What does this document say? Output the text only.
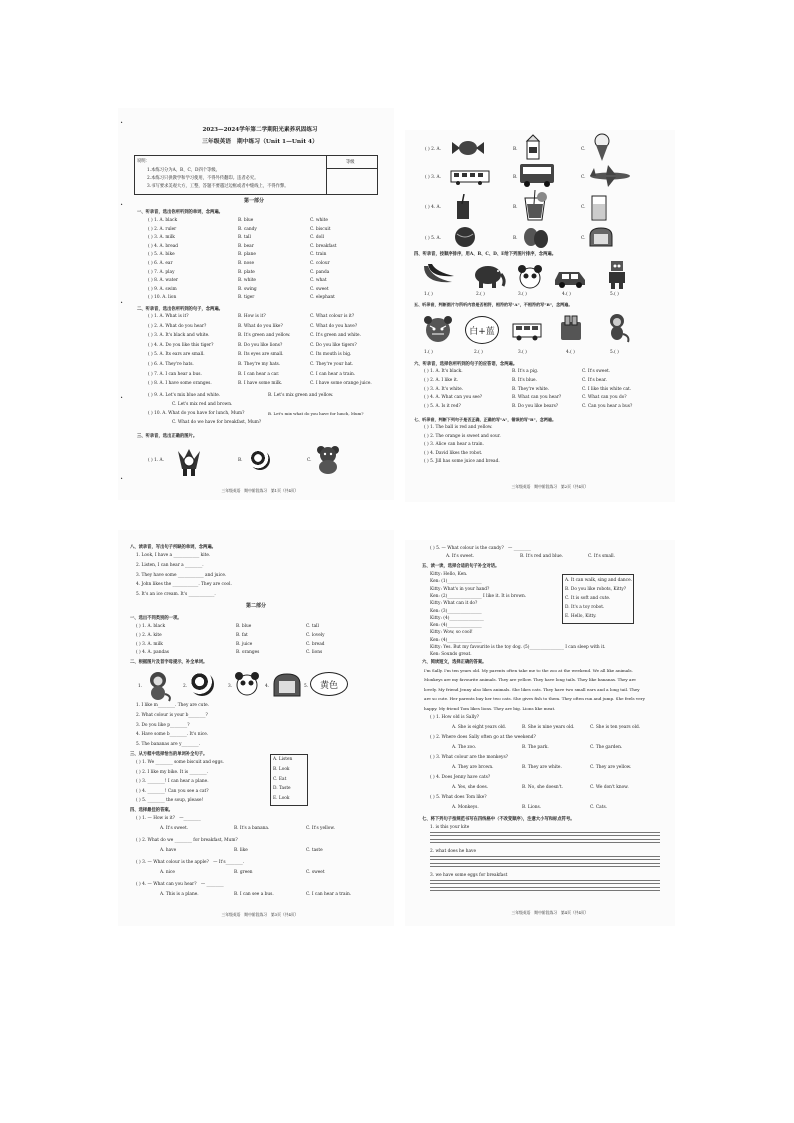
2023—2024学年第二学期阳光素养巩固练习
三年级英语　期中练习（Unit 1—Unit 4）
等级
说明：
1.本练习分为A、B、C、D四个等级。
2.本练习只供教学和学习使用，不得外传翻印。违者必究。
3.书写要求美观大方，工整，答题不要越过边框或者中缝线上，不得作弊。
第一部分
一、听录音，选出你所听到的单词，念两遍。
( ) 1. A. black	B. blue	C. white
( ) 2. A. ruler	B. candy	C. biscuit
( ) 3. A. milk	B. tall	C. doll
( ) 4. A. bread	B. bear	C. breakfast
( ) 5. A. bike	B. plane	C. train
( ) 6. A. ear	B. nose	C. colour
( ) 7. A. play	B. plate	C. panda
( ) 8. A. water	B. white	C. what
( ) 9. A. swim	B. swing	C. sweet
( ) 10. A. lion	B. tiger	C. elephant
二、听录音，选出你所听到的句子，念两遍。
( ) 1. A. What is it?	B. How is it?	C. What colour is it?
( ) 2. A. What do you hear?	B. What do you like?	C. What do you have?
( ) 3. A. It's black and white.	B. It's green and yellow.	C. It's green and white.
( ) 4. A. Do you like this tiger?	B. Do you like lions?	C. Do you like tigers?
( ) 5. A. Its ears are small.	B. Its eyes are small.	C. Its mouth is big.
( ) 6. A. They're hats.	B. They're my hats.	C. They're your hat.
( ) 7. A. I can hear a bus.	B. I can hear a car.	C. I can hear a train.
( ) 8. A. I have some oranges.	B. I have some milk.	C. I have some orange juice.
( ) 9. A. Let's mix blue and white.	B. Let's mix green and yellow.
C. Let's mix red and brown.
( ) 10. A. What do you have for lunch, Mum?	B. Let's mix what do you have for lunch, Mum?
C. What do we have for breakfast, Mum?
三、听录音，选出正确的图片。
( ) 1. A.	B.	C.
三年级英语　期中阶段练习　第1页（共4页）
( ) 2. A.	B.	C.
( ) 3. A.	B.	C.
( ) 4. A.	B.	C.
( ) 5. A.	B.	C.
四、听录音，按顺序排序，用A、B、C、D、E给下列图片排序，念两遍。
1.( )	2.( )	3.( )	4.( )	5.( )
五、听录音，判断图片与所听内容是否相符，相符的写"A"，不相符的写"B"，念两遍。
白+蓝
1.( )	2.( )	3.( )	4.( )	5.( )
六、听录音，选择你所听到的句子的应答语，念两遍。
( ) 1. A. It's black.	B. It's a pig.	C. It's sweet.
( ) 2. A. I like it.	B. It's blue.	C. It's bear.
( ) 3. A. It's white.	B. They're white.	C. I like this white cat.
( ) 4. A. What can you see?	B. What can you hear?	C. What can you do?
( ) 5. A. Is it red?	B. Do you like bears?	C. Can you hear a bus?
七、听录音，判断下列句子是否正确，正确的写"A"，错误的写"B"，念两遍。
( ) 1. The ball is red and yellow.
( ) 2. The orange is sweet and sour.
( ) 3. Alice can hear a train.
( ) 4. David likes the robot.
( ) 5. Jill has some juice and bread.
三年级英语　期中阶段练习　第2页（共4页）
八、读录音，写出句子所缺的单词，念两遍。
1. Look, I have a ____________ kite.
2. Listen, I can hear a ________.
3. They have some ____________ and juice.
4. John likes the ____________. They are cool.
5. It's an ice cream. It's ____________.
第二部分
一、选出不同类别的一项。
( ) 1. A. black	B. blue	C. tall
( ) 2. A. kite	B. fat	C. lovely
( ) 3. A. milk	B. juice	C. bread
( ) 4. A. pandas	B. oranges	C. lions
二、根据图片及首字母提示，补全单词。
1.	2.	3.	4.	5.	黄色
1. I like m________. They are cute.
2. What colour is your b________?
3. Do you like p________?
4. Have some b________. It's nice.
5. The bananas are y________.
三、从方框中选择恰当的单词补全句子。
( ) 1. We ________ some biscuit and eggs.
( ) 2. I like my bike. It is ________.
( ) 3. ________! I can hear a plane.
( ) 4. ________! Can you see a cat?
( ) 5. ________ the soup, please!
A. Listen
B. Look
C. Eat
D. Taste
E. Look
四、选择最佳的答案。
( ) 1. — How is it?　—________
A. It's sweet.	B. It's a banana.	C. It's yellow.
( ) 2. What do we ________ for breakfast, Mum?
A. have	B. like	C. taste
( ) 3. — What colour is the apple?　— It's________.
A. nice	B. green	C. sweet
( ) 4. — What can you hear?　— ________
A. This is a plane.	B. I can see a bus.	C. I can hear a train.
三年级英语　期中阶段练习　第3页（共4页）
( ) 5. — What colour is the candy?　— ________
A. It's sweet.	B. It's red and blue.	C. It's small.
五、读一读，选择合适的句子补全对话。
Kitty: Hello, Ken.
Ken: (1)________________
Kitty: What's in your hand?
Ken: (2)________________ I like it. It is brown.
Kitty: What can it do?
Ken: (3)________________
Kitty: (4)________________
Ken: (4)________________
Kitty: Wow, so cool!
Ken: (4)________________
Kitty: Yes. But my favourite is the toy dog. (5)________________ I can sleep with it.
Ken: Sounds great.
A. It can walk, sing and dance.
B. Do you like robots, Kitty?
C. It is soft and cute.
D. It's a toy robot.
E. Hello, Kitty.
六、阅读短文，选择正确的答案。
I'm Sally. I'm ten years old. My parents often take me to the zoo at the weekend. We all like animals.
Monkeys are my favourite animals. They are yellow. They have long tails. They like bananas. They are
lovely. My friend Jenny also likes animals. She likes cats. They have two small ears and a long tail. They
are so cute. Her parents buy her two cats. She gives fish to them. They often run and jump. She feels very
happy. My friend Tom likes lions. They are big. Lions like meat.
( ) 1. How old is Sally?
A. She is eight years old.	B. She is nine years old.	C. She is ten years old.
( ) 2. Where does Sally often go at the weekend?
A. The zoo.	B. The park.	C. The garden.
( ) 3. What colour are the monkeys?
A. They are brown.	B. They are white.	C. They are yellow.
( ) 4. Does Jenny have cats?
A. Yes, she does.	B. No, she doesn't.	C. We don't know.
( ) 5. What does Tom like?
A. Monkeys.	B. Lions.	C. Cats.
七、将下列句子按规范书写在四线格中（不改变顺序），注意大小写和标点符号。
1. is this your kite
2. what does he have
3. we have some eggs for breakfast
三年级英语　期中阶段练习　第4页（共4页）
·
·
·
·
·
